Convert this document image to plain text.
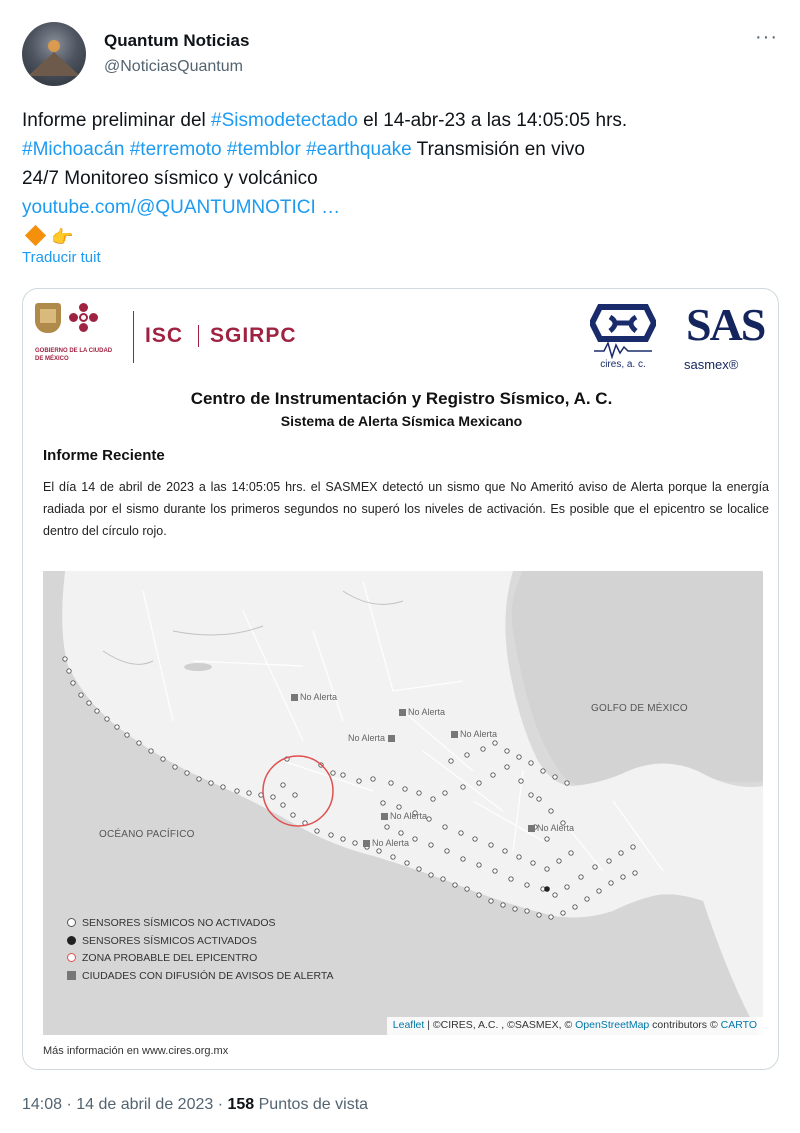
Quantum Noticias
@NoticiasQuantum
···
Informe preliminar del #Sismodetectado el 14-abr-23 a las 14:05:05 hrs.
#Michoacán #terremoto #temblor #earthquake Transmisión en vivo
24/7 Monitoreo sísmico y volcánico
youtube.com/@QUANTUMNOTICI …
👉
Traducir tuit
GOBIERNO DE LA CIUDAD DE MÉXICO
ISC SGIRPC
cires, a. c.
SAS
sasmex®
Centro de Instrumentación y Registro Sísmico, A. C.
Sistema de Alerta Sísmica Mexicano
Informe Reciente
El día 14 de abril de 2023 a las 14:05:05 hrs. el SASMEX detectó un sismo que No Ameritó aviso de Alerta porque la energía radiada por el sismo durante los primeros segundos no superó los niveles de activación. Es posible que el epicentro se localice dentro del círculo rojo.
GOLFO DE MÉXICO
OCÉANO PACÍFICO
No Alerta
No Alerta
No Alerta	No Alerta
No Alerta
No Alerta
No Alerta
SENSORES SÍSMICOS NO ACTIVADOS
SENSORES SÍSMICOS ACTIVADOS
ZONA PROBABLE DEL EPICENTRO
CIUDADES CON DIFUSIÓN DE AVISOS DE ALERTA
Leaflet | ©CIRES, A.C. , ©SASMEX, © OpenStreetMap contributors © CARTO
Más información en www.cires.org.mx
14:08 · 14 de abril de 2023 · 158 Puntos de vista
